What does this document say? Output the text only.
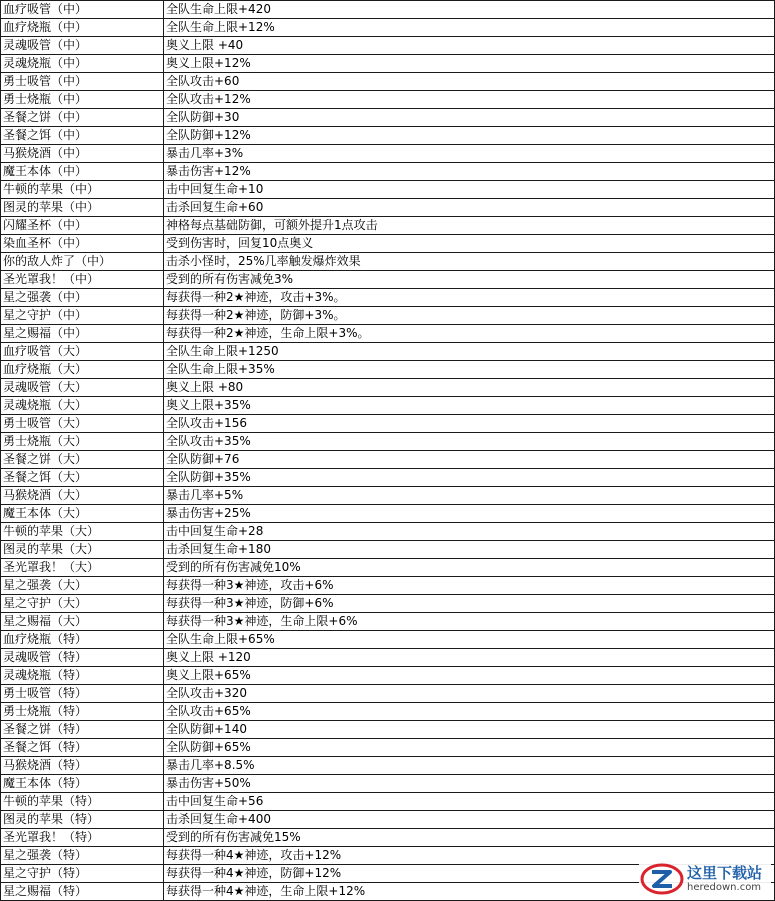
血疗吸管（中）	全队生命上限+420
血疗烧瓶（中）	全队生命上限+12%
灵魂吸管（中）	奥义上限 +40
灵魂烧瓶（中）	奥义上限+12%
勇士吸管（中）	全队攻击+60
勇士烧瓶（中）	全队攻击+12%
圣餐之饼（中）	全队防御+30
圣餐之饵（中）	全队防御+12%
马猴烧酒（中）	暴击几率+3%
魔王本体（中）	暴击伤害+12%
牛顿的苹果（中）	击中回复生命+10
图灵的苹果（中）	击杀回复生命+60
闪耀圣杯（中）	神格每点基础防御，可额外提升1点攻击
染血圣杯（中）	受到伤害时，回复10点奥义
你的敌人炸了（中）	击杀小怪时，25%几率触发爆炸效果
圣光罩我！（中）	受到的所有伤害减免3%
星之强袭（中）	每获得一种2★神迹，攻击+3%。
星之守护（中）	每获得一种2★神迹，防御+3%。
星之赐福（中）	每获得一种2★神迹，生命上限+3%。
血疗吸管（大）	全队生命上限+1250
血疗烧瓶（大）	全队生命上限+35%
灵魂吸管（大）	奥义上限 +80
灵魂烧瓶（大）	奥义上限+35%
勇士吸管（大）	全队攻击+156
勇士烧瓶（大）	全队攻击+35%
圣餐之饼（大）	全队防御+76
圣餐之饵（大）	全队防御+35%
马猴烧酒（大）	暴击几率+5%
魔王本体（大）	暴击伤害+25%
牛顿的苹果（大）	击中回复生命+28
图灵的苹果（大）	击杀回复生命+180
圣光罩我！（大）	受到的所有伤害减免10%
星之强袭（大）	每获得一种3★神迹，攻击+6%
星之守护（大）	每获得一种3★神迹，防御+6%
星之赐福（大）	每获得一种3★神迹，生命上限+6%
血疗烧瓶（特）	全队生命上限+65%
灵魂吸管（特）	奥义上限 +120
灵魂烧瓶（特）	奥义上限+65%
勇士吸管（特）	全队攻击+320
勇士烧瓶（特）	全队攻击+65%
圣餐之饼（特）	全队防御+140
圣餐之饵（特）	全队防御+65%
马猴烧酒（特）	暴击几率+8.5%
魔王本体（特）	暴击伤害+50%
牛顿的苹果（特）	击中回复生命+56
图灵的苹果（特）	击杀回复生命+400
圣光罩我！（特）	受到的所有伤害减免15%
星之强袭（特）	每获得一种4★神迹，攻击+12%
星之守护（特）	每获得一种4★神迹，防御+12%
星之赐福（特）	每获得一种4★神迹，生命上限+12%
这里下载站
heredown.com
